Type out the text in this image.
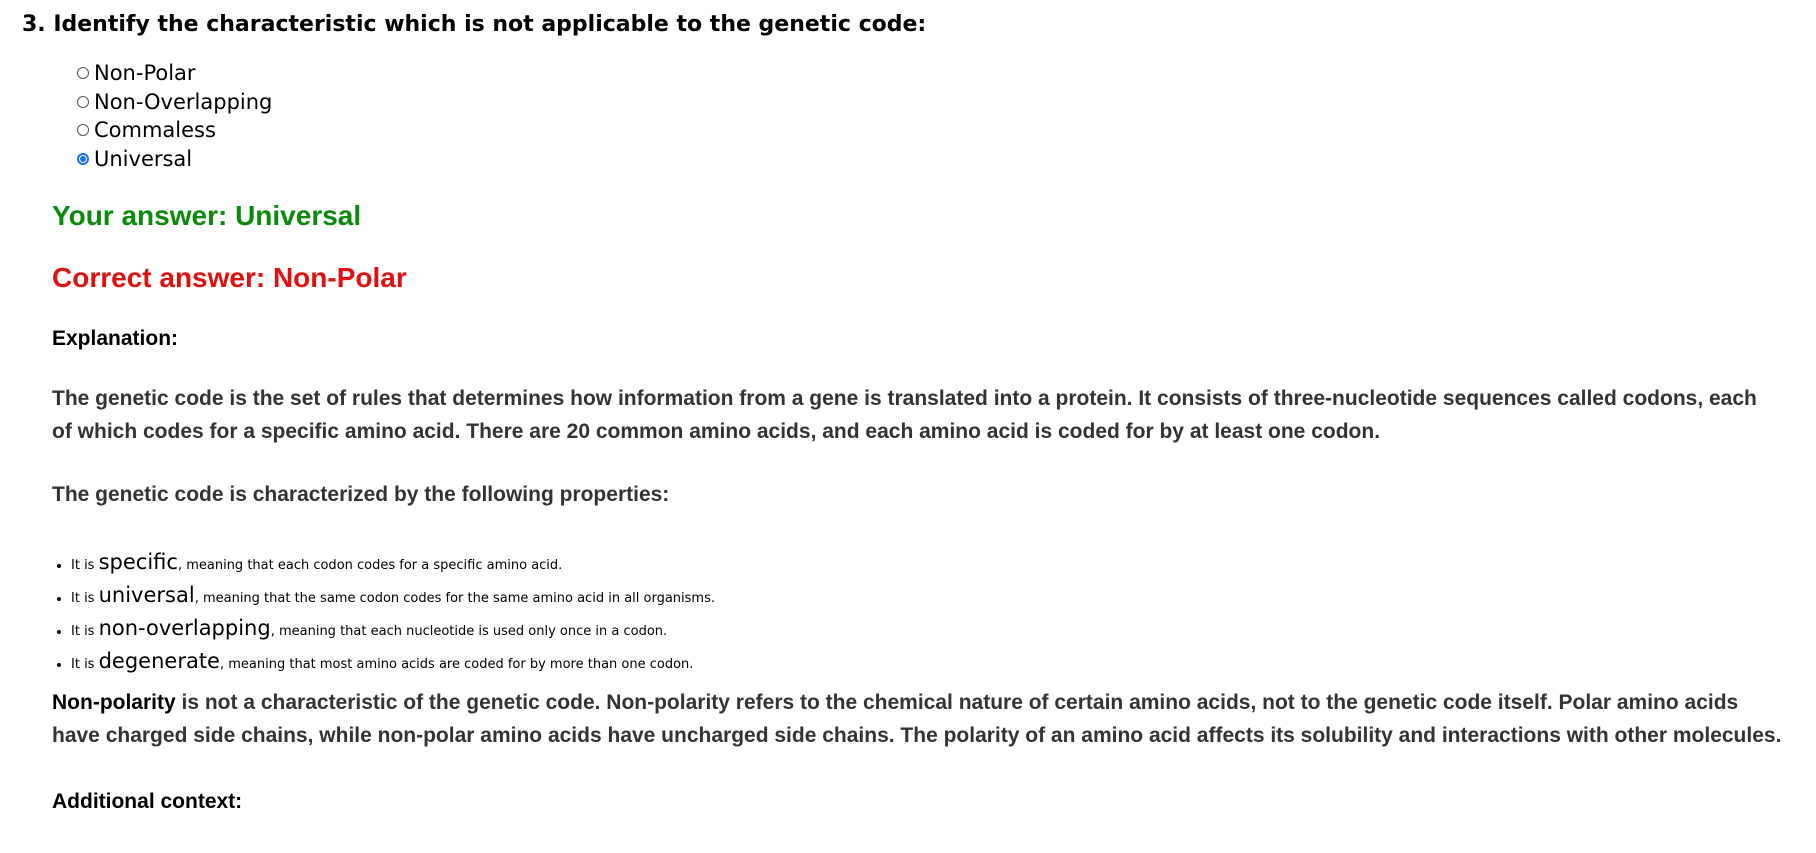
3. Identify the characteristic which is not applicable to the genetic code:
Non-Polar
Non-Overlapping
Commaless
Universal

Your answer: Universal

Correct answer: Non-Polar

Explanation:

The genetic code is the set of rules that determines how information from a gene is translated into a protein. It consists of three-nucleotide sequences called codons, each of which codes for a specific amino acid. There are 20 common amino acids, and each amino acid is coded for by at least one codon.

The genetic code is characterized by the following properties:

• It is specific, meaning that each codon codes for a specific amino acid.
• It is universal, meaning that the same codon codes for the same amino acid in all organisms.
• It is non-overlapping, meaning that each nucleotide is used only once in a codon.
• It is degenerate, meaning that most amino acids are coded for by more than one codon.

Non-polarity is not a characteristic of the genetic code. Non-polarity refers to the chemical nature of certain amino acids, not to the genetic code itself. Polar amino acids have charged side chains, while non-polar amino acids have uncharged side chains. The polarity of an amino acid affects its solubility and interactions with other molecules.

Additional context:
